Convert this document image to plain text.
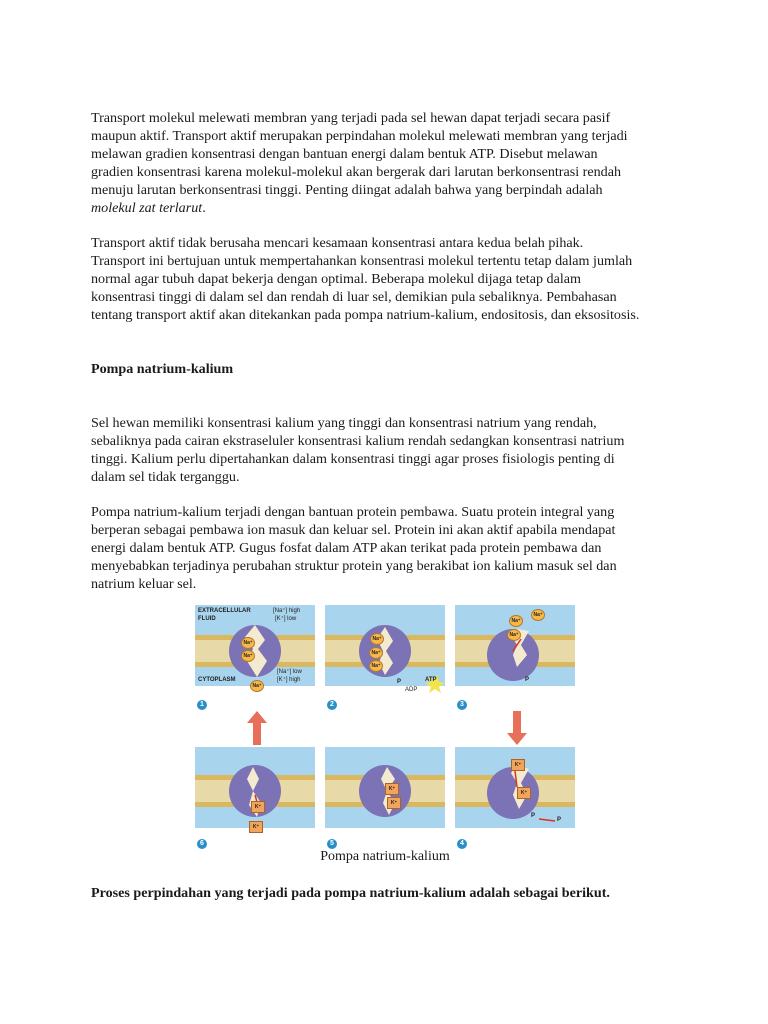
Transport molekul melewati membran yang terjadi pada sel hewan dapat terjadi secara pasif
maupun aktif. Transport aktif merupakan perpindahan molekul melewati membran yang terjadi
melawan gradien konsentrasi dengan bantuan energi dalam bentuk ATP. Disebut melawan
gradien konsentrasi karena molekul-molekul akan bergerak dari larutan berkonsentrasi rendah
menuju larutan berkonsentrasi tinggi. Penting diingat adalah bahwa yang berpindah adalah
molekul zat terlarut.

Transport aktif tidak berusaha mencari kesamaan konsentrasi antara kedua belah pihak.
Transport ini bertujuan untuk mempertahankan konsentrasi molekul tertentu tetap dalam jumlah
normal agar tubuh dapat bekerja dengan optimal. Beberapa molekul dijaga tetap dalam
konsentrasi tinggi di dalam sel dan rendah di luar sel, demikian pula sebaliknya. Pembahasan
tentang transport aktif akan ditekankan pada pompa natrium-kalium, endositosis, dan eksositosis.

Pompa natrium-kalium

Sel hewan memiliki konsentrasi kalium yang tinggi dan konsentrasi natrium yang rendah,
sebaliknya pada cairan ekstraseluler konsentrasi kalium rendah sedangkan konsentrasi natrium
tinggi. Kalium perlu dipertahankan dalam konsentrasi tinggi agar proses fisiologis penting di
dalam sel tidak terganggu.

Pompa natrium-kalium terjadi dengan bantuan protein pembawa. Suatu protein integral yang
berperan sebagai pembawa ion masuk dan keluar sel. Protein ini akan aktif apabila mendapat
energi dalam bentuk ATP. Gugus fosfat dalam ATP akan terikat pada protein pembawa dan
menyebabkan terjadinya perubahan struktur protein yang berakibat ion kalium masuk sel dan
natrium keluar sel.

EXTRACELLULAR
FLUID
[Na⁺] high
[K⁺] low
CYTOPLASM
[Na⁺] low
[K⁺] high
Na⁺
Na⁺
Na⁺
Na⁺
Na⁺
Na⁺
ATP
ADP
P
Na⁺
Na⁺
Na⁺
P
K⁺
K⁺
K⁺
K⁺
K⁺
K⁺
P
P
1	2	3
4
5
6
Pompa natrium-kalium

Proses perpindahan yang terjadi pada pompa natrium-kalium adalah sebagai berikut.
